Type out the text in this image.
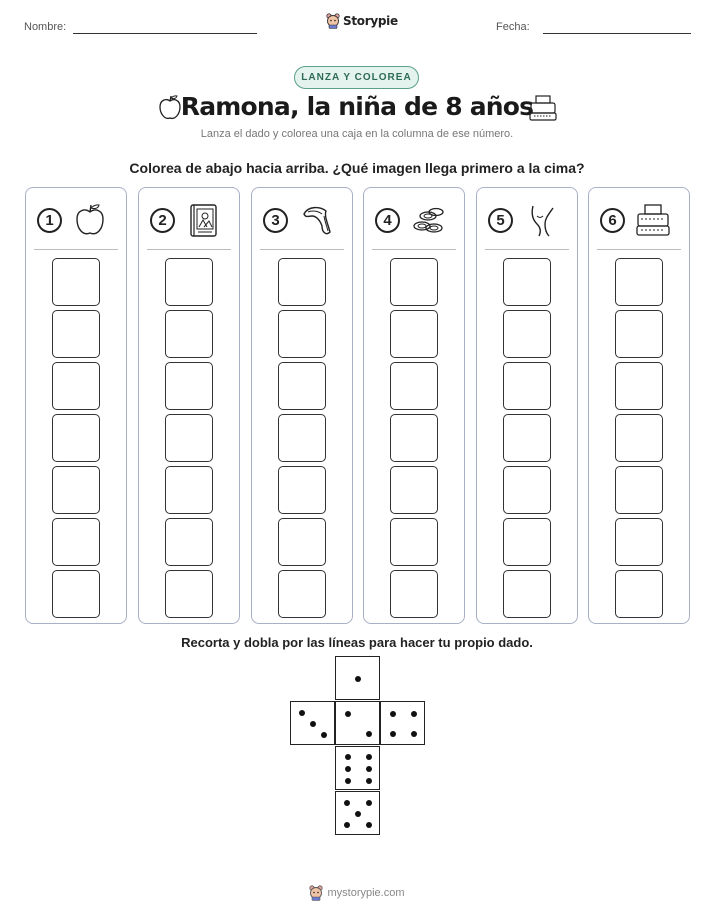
Nombre:	Storypie	Fecha:
LANZA Y COLOREA
Ramona, la niña de 8 años
Lanza el dado y colorea una caja en la columna de ese número.
Colorea de abajo hacia arriba. ¿Qué imagen llega primero a la cima?
1	2	3	4	5	6
Recorta y dobla por las líneas para hacer tu propio dado.
mystorypie.com
